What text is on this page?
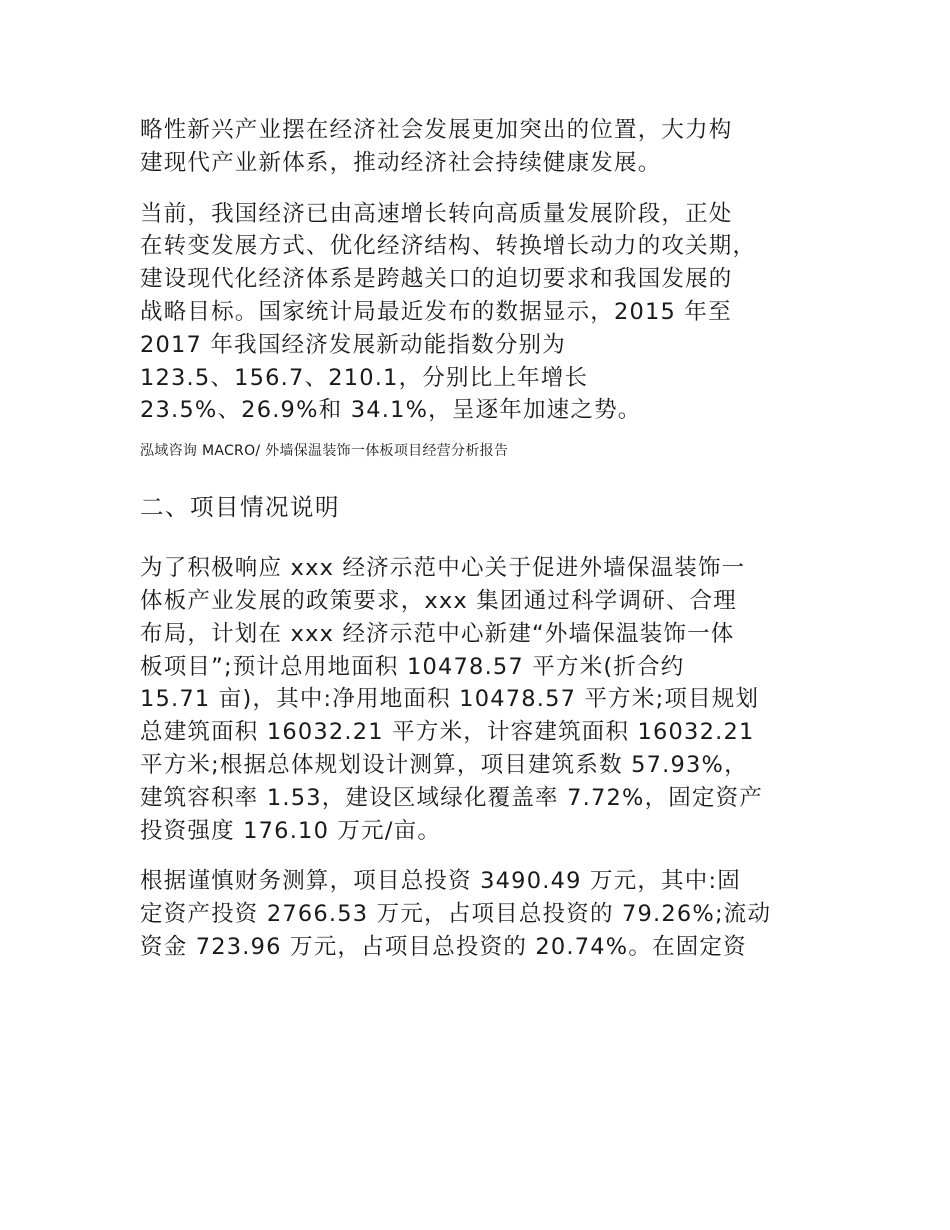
略性新兴产业摆在经济社会发展更加突出的位置，大力构
建现代产业新体系，推动经济社会持续健康发展。
当前，我国经济已由高速增长转向高质量发展阶段，正处
在转变发展方式、优化经济结构、转换增长动力的攻关期，
建设现代化经济体系是跨越关口的迫切要求和我国发展的
战略目标。国家统计局最近发布的数据显示，2015 年至
2017 年我国经济发展新动能指数分别为
123.5、156.7、210.1，分别比上年增长
23.5%、26.9%和 34.1%，呈逐年加速之势。
泓域咨询 MACRO/ 外墙保温装饰一体板项目经营分析报告
二、项目情况说明
为了积极响应 xxx 经济示范中心关于促进外墙保温装饰一
体板产业发展的政策要求，xxx 集团通过科学调研、合理
布局，计划在 xxx 经济示范中心新建“外墙保温装饰一体
板项目”;预计总用地面积 10478.57 平方米(折合约
15.71 亩)，其中:净用地面积 10478.57 平方米;项目规划
总建筑面积 16032.21 平方米，计容建筑面积 16032.21
平方米;根据总体规划设计测算，项目建筑系数 57.93%，
建筑容积率 1.53，建设区域绿化覆盖率 7.72%，固定资产
投资强度 176.10 万元/亩。
根据谨慎财务测算，项目总投资 3490.49 万元，其中:固
定资产投资 2766.53 万元，占项目总投资的 79.26%;流动
资金 723.96 万元，占项目总投资的 20.74%。在固定资
